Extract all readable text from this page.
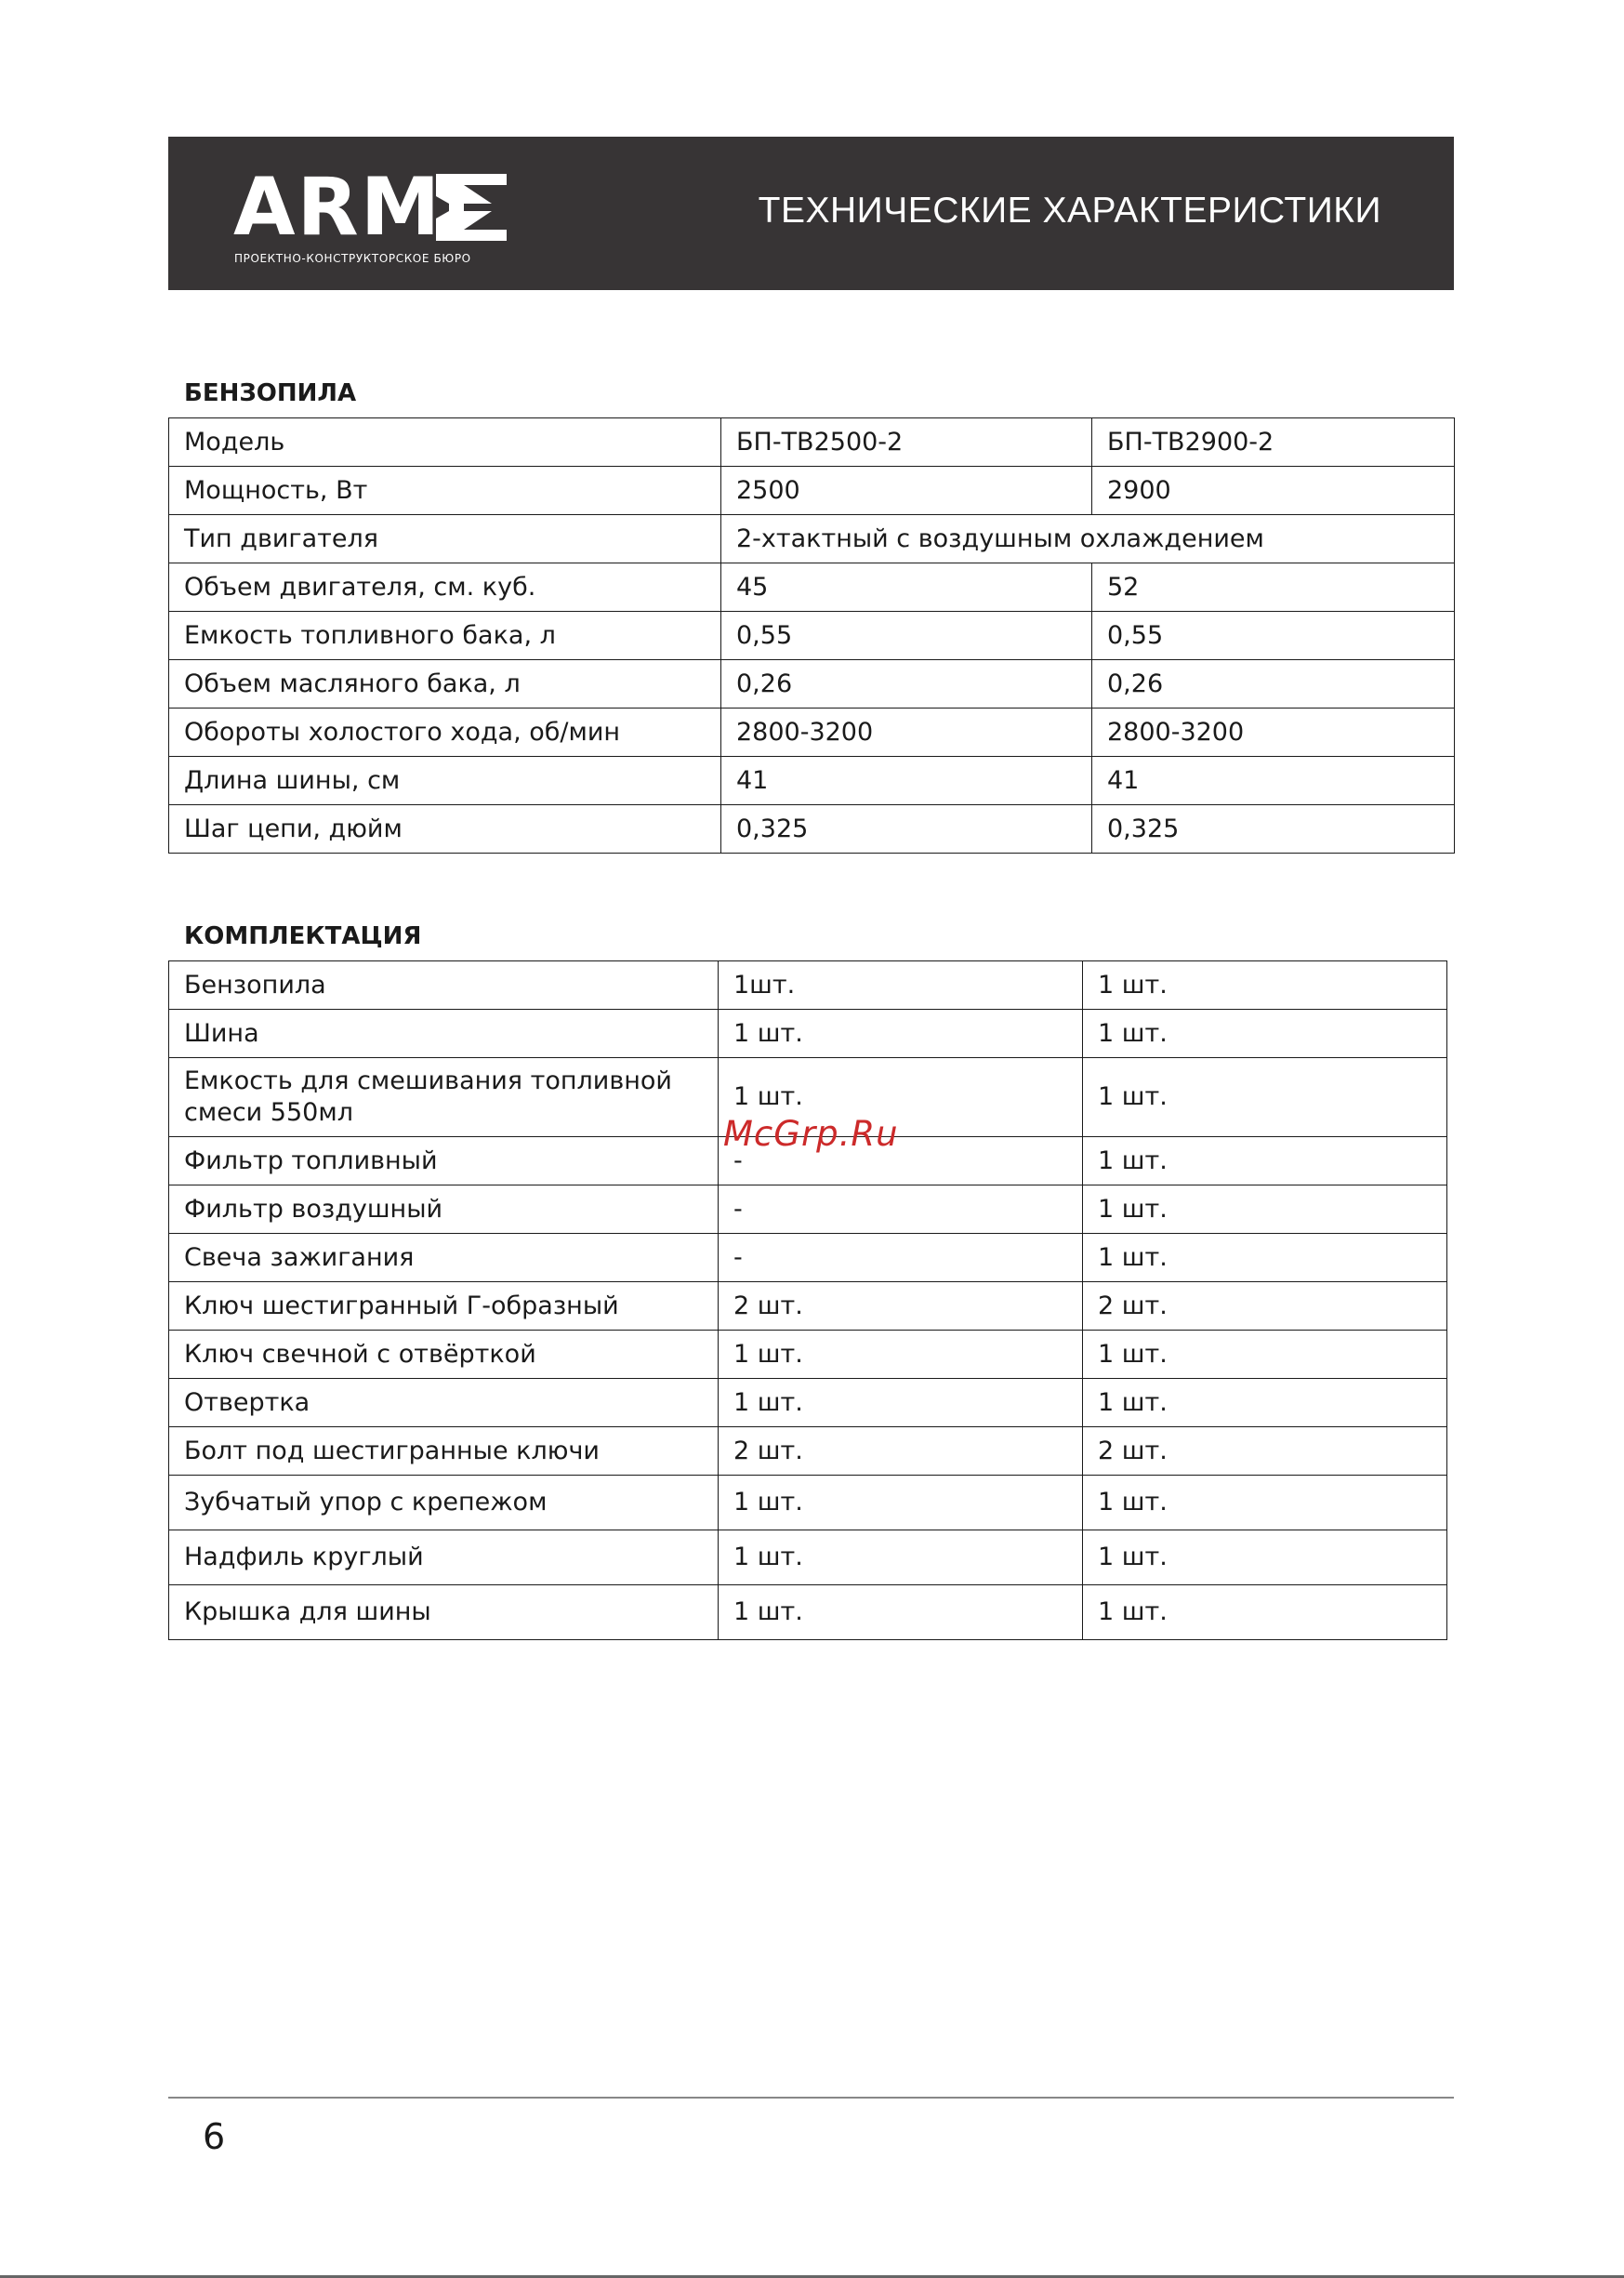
ARM
ПРОЕКТНО-КОНСТРУКТОРСКОЕ БЮРО
ТЕХНИЧЕСКИЕ ХАРАКТЕРИСТИКИ
БЕНЗОПИЛА
Модель	БП-ТВ2500-2	БП-ТВ2900-2
Мощность, Вт	2500	2900
Тип двигателя	2-хтактный с воздушным охлаждением	
Объем двигателя, см. куб.	45	52
Емкость топливного бака, л	0,55	0,55
Объем масляного бака, л	0,26	0,26
Обороты холостого хода, об/мин	2800-3200	2800-3200
Длина шины, см	41	41
Шаг цепи, дюйм	0,325	0,325
КОМПЛЕКТАЦИЯ
Бензопила	1шт.	1 шт.
Шина	1 шт.	1 шт.
Емкость для смешивания топливной смеси 550мл	1 шт.	1 шт.
Фильтр топливный	-	1 шт.
Фильтр воздушный	-	1 шт.
Свеча зажигания	-	1 шт.
Ключ шестигранный Г-образный	2 шт.	2 шт.
Ключ свечной с отвёрткой	1 шт.	1 шт.
Отвертка	1 шт.	1 шт.
Болт под шестигранные ключи	2 шт.	2 шт.
Зубчатый упор с крепежом	1 шт.	1 шт.
Надфиль круглый	1 шт.	1 шт.
Крышка для шины	1 шт.	1 шт.
McGrp.Ru
6
